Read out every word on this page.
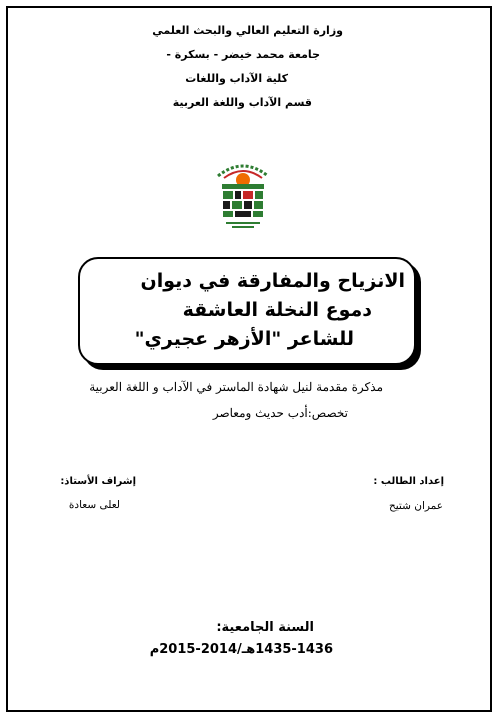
وزارة التعليم العالي والبحث العلمي
جامعة محمد خيضر - بسكرة -
كلية الآداب واللغات
قسم الآداب واللغة العربية
الانزياح والمفارقة في ديوان
دموع النخلة العاشقة
للشاعر "الأزهر عجيري"
مذكرة مقدمة لنيل شهادة الماستر في الآداب و اللغة العربية
تخصص:أدب حديث ومعاصر
إعداد الطالب :
عمران شتيح
إشراف الأستاذ:
لعلى سعادة
السنة الجامعية:
1435-1436هـ/2014-2015م
